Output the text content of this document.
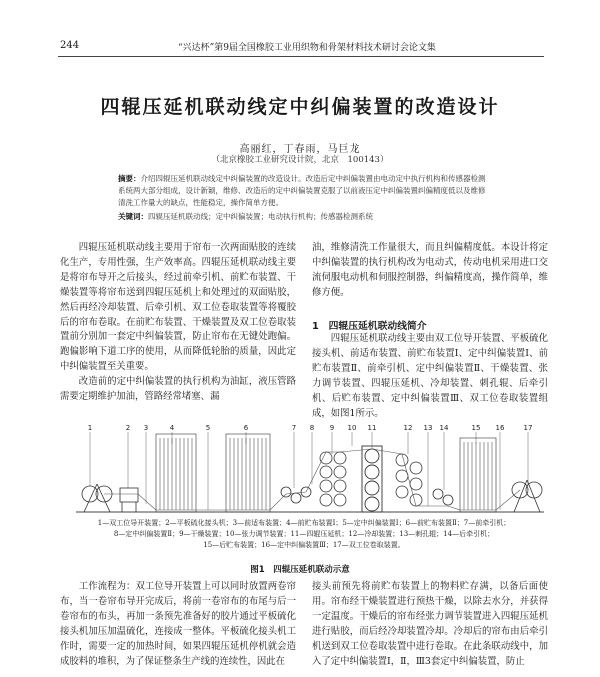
244	“兴达杯”第9届全国橡胶工业用织物和骨架材料技术研讨会论文集
四辊压延机联动线定中纠偏装置的改造设计
高丽红，丁春雨，马巨龙
（北京橡胶工业研究设计院，北京　100143）
摘要：介绍四辊压延机联动线定中纠偏装置的改造设计。改造后定中纠偏装置由电动定中执行机构和传感器检测系统两大部分组成，设计新颖，维修、改造后的定中纠偏装置克服了以前液压定中纠偏装置纠偏精度低以及维修清洗工作量大的缺点，性能稳定，操作简单方便。
关键词：四辊压延机联动线；定中纠偏装置；电动执行机构；传感器检测系统

四辊压延机联动线主要用于帘布一次两面贴胶的连续化生产，专用性强，生产效率高。四辊压延机联动线主要是将帘布导开之后接头，经过前牵引机、前贮布装置、干燥装置等将帘布送到四辊压延机上和处理过的双面贴胶，然后再经冷却装置、后牵引机、双工位卷取装置等将覆胶后的帘布卷取。在前贮布装置、干燥装置及双工位卷取装置前分别加一套定中纠偏装置，防止帘布在无键处跑偏。跑偏影响下道工序的使用，从而降低轮胎的质量，因此定中纠偏装置至关重要。

改造前的定中纠偏装置的执行机构为油缸，液压管路需要定期维护加油，管路经常堵塞、漏

油，维修清洗工作量很大，而且纠偏精度低。本设计将定中纠偏装置的执行机构改为电动式，传动电机采用进口交流伺服电动机和伺服控制器，纠偏精度高，操作简单，维修方便。

1　四辊压延机联动线简介

四辊压延机联动线主要由双工位导开装置、平板硫化接头机、前适布装置、前贮布装置Ⅰ、定中纠偏装置Ⅰ、前贮布装置Ⅱ、前牵引机、定中纠偏装置Ⅱ、干燥装置、张力调节装置、四辊压延机、冷却装置、刺孔辊、后牵引机、后贮布装置、定中纠偏装置Ⅲ、双工位卷取装置组成，如图1所示。

1	2 3	4	5	6	7 8 9 10 11	12 13 14	15 16	17
1—双工位导开装置；2—平板硫化接头机；3—前适布装置；4—前贮布装置Ⅰ；5—定中纠偏装置Ⅰ；6—前贮布装置Ⅱ；7—前牵引机；
8—定中纠偏装置Ⅱ；9—干燥装置；10—张力调节装置；11—四辊压延机；12—冷却装置；13—刺孔辊；14—后牵引机；
15—后贮布装置；16—定中纠偏装置Ⅲ；17—双工位卷取装置。
图1　四辊压延机联动示意

工作流程为：双工位导开装置上可以同时放置两卷帘布，当一卷帘布导开完成后，将前一卷帘布的布尾与后一卷帘布的布头，再加一条预先准备好的胶片通过平板硫化接头机加压加温硫化，连接成一整体。平板硫化接头机工作时，需要一定的加热时间，如果四辊压延机停机就会造成胶料的堆积，为了保证整条生产线的连续性，因此在

接头前预先将前贮布装置上的物料贮存满，以备后面使用。帘布经干燥装置进行预热干燥，以除去水分，并获得一定温度。干燥后的帘布经张力调节装置进入四辊压延机进行贴胶，而后经冷却装置冷却。冷却后的帘布由后牵引机送到双工位卷取装置中进行卷取。在此条联动线中，加入了定中纠偏装置Ⅰ，Ⅱ，Ⅲ3套定中纠偏装置，防止
